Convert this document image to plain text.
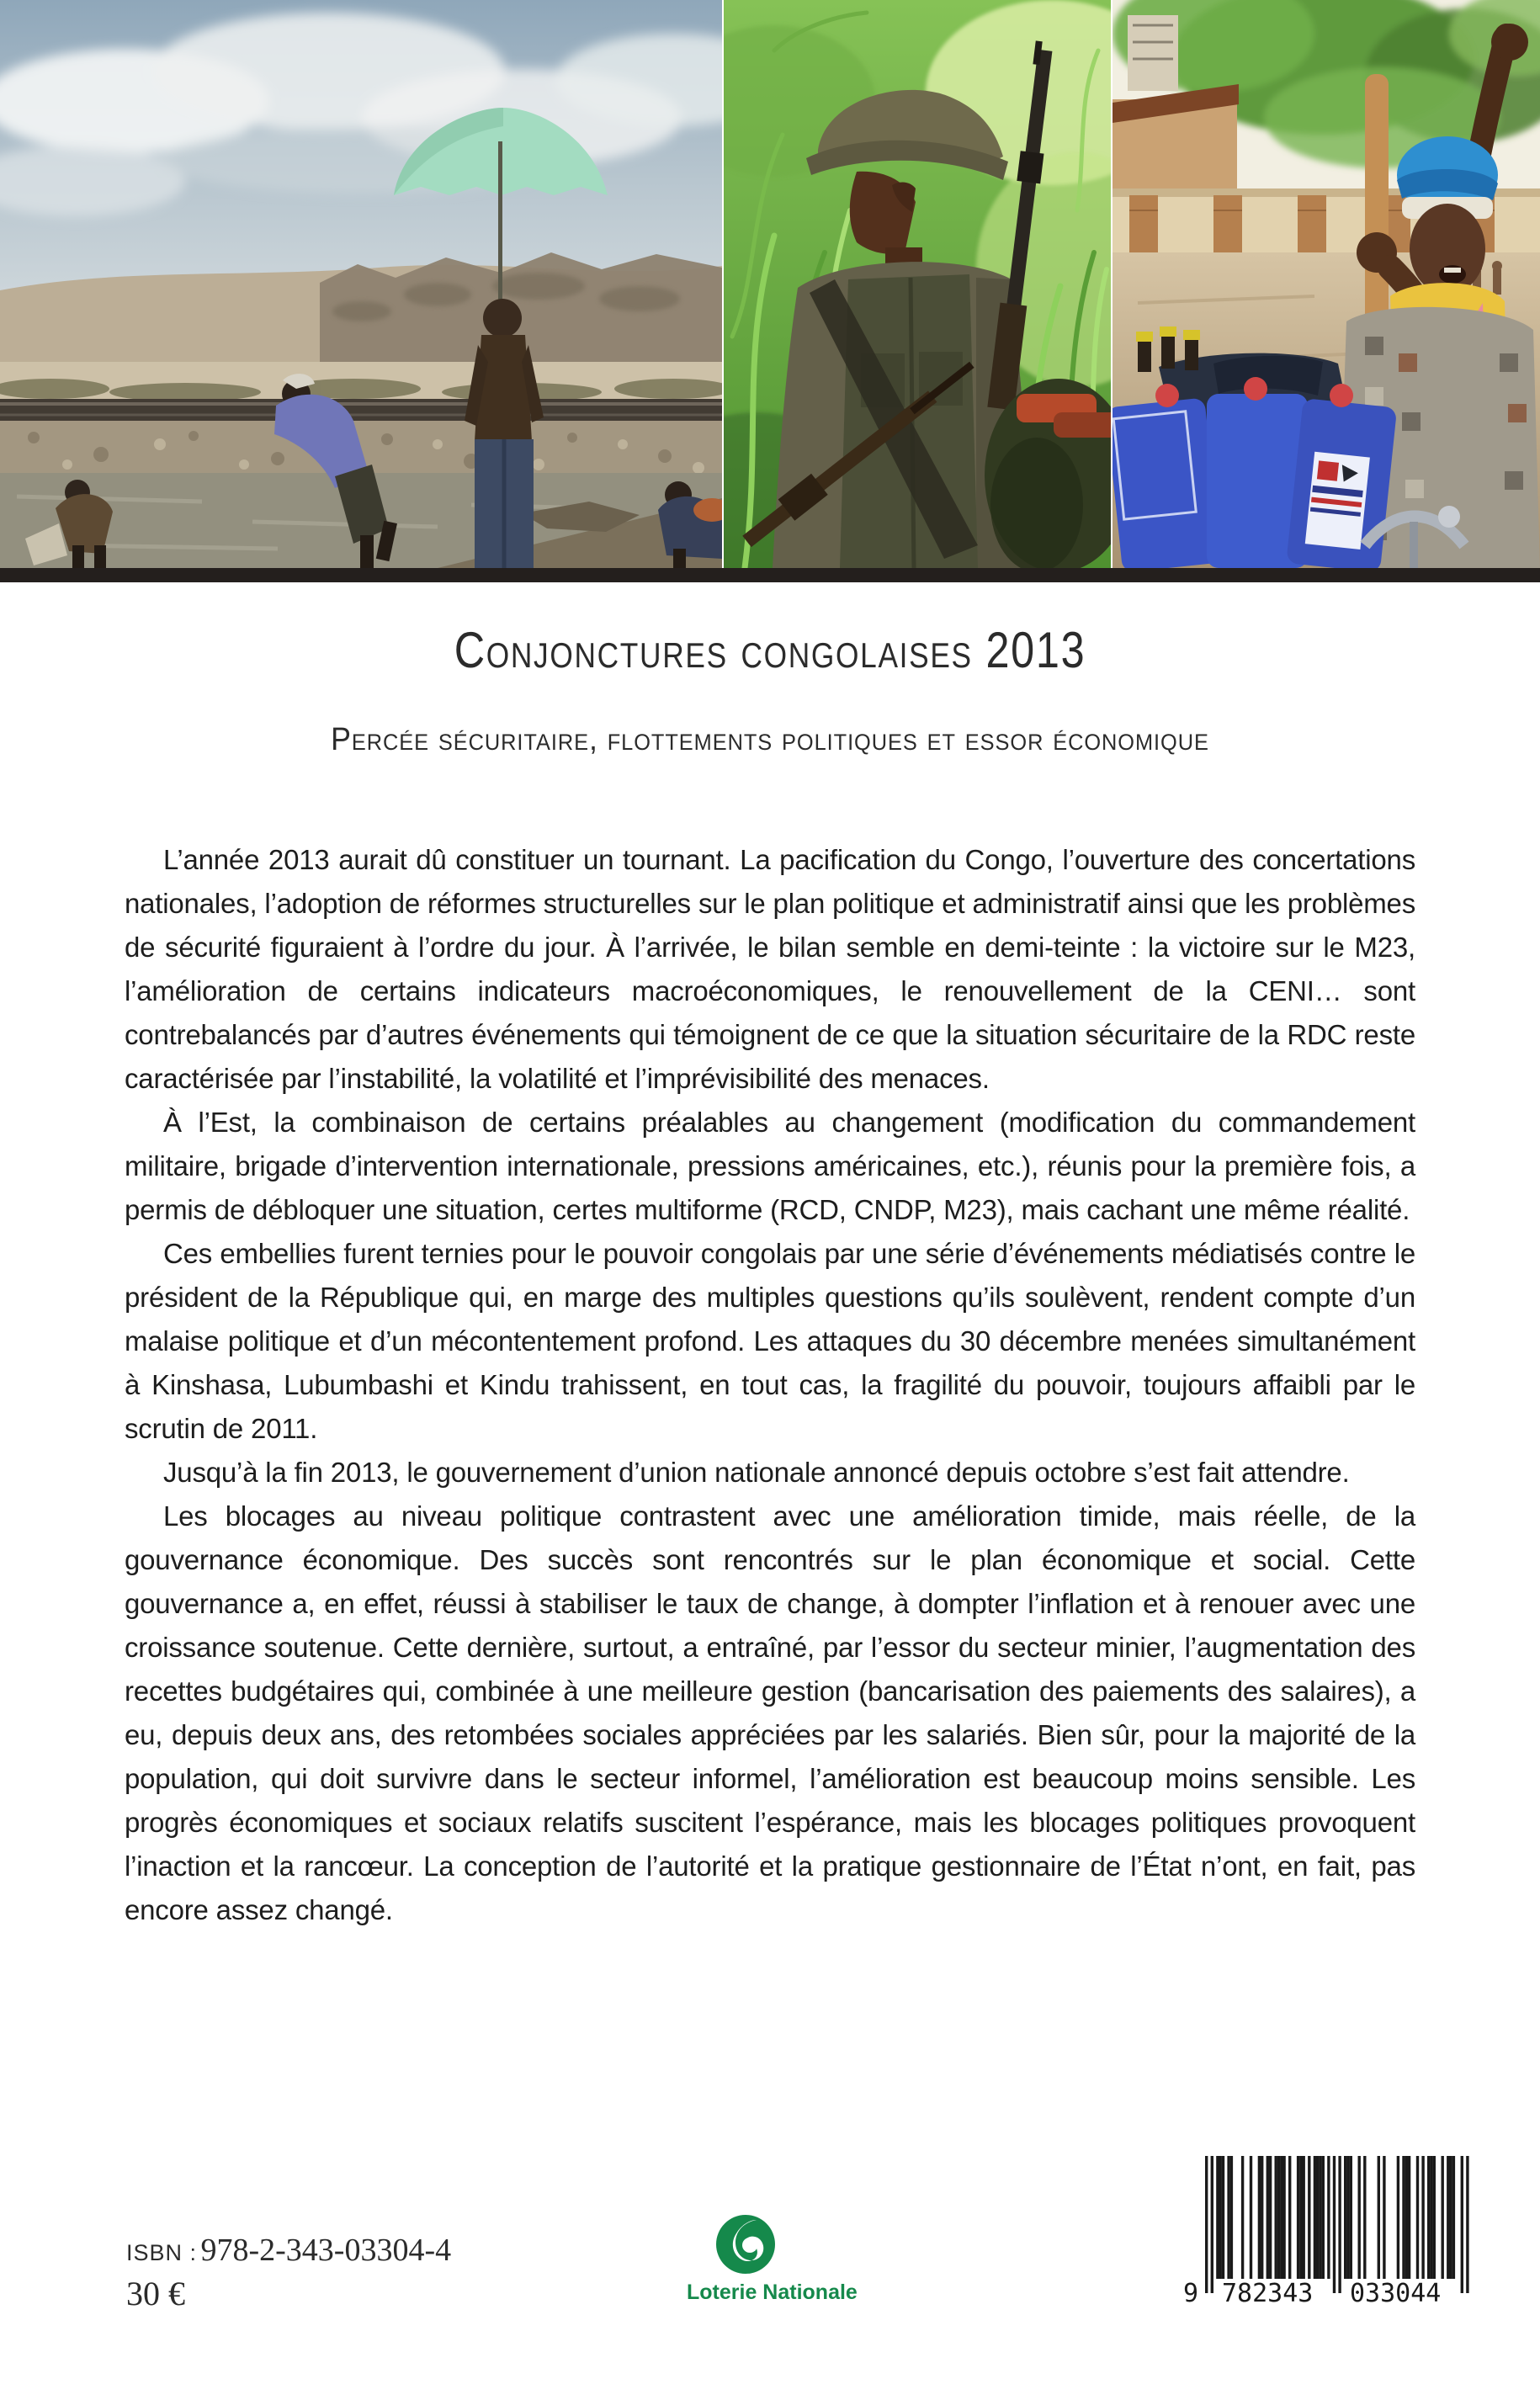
Conjonctures congolaises 2013
Percée sécuritaire, flottements politiques et essor économique

L’année 2013 aurait dû constituer un tournant. La pacification du Congo, l’ouverture des concertations nationales, l’adoption de réformes structurelles sur le plan politique et administratif ainsi que les problèmes de sécurité figuraient à l’ordre du jour. À l’arrivée, le bilan semble en demi-teinte : la victoire sur le M23, l’amélioration de certains indicateurs macroéconomiques, le renouvellement de la CENI… sont contrebalancés par d’autres événements qui témoignent de ce que la situation sécuritaire de la RDC reste caractérisée par l’instabilité, la volatilité et l’imprévisibilité des menaces.

À l’Est, la combinaison de certains préalables au changement (modification du commandement militaire, brigade d’intervention internationale, pressions américaines, etc.), réunis pour la première fois, a permis de débloquer une situation, certes multiforme (RCD, CNDP, M23), mais cachant une même réalité.

Ces embellies furent ternies pour le pouvoir congolais par une série d’événements médiatisés contre le président de la République qui, en marge des multiples questions qu’ils soulèvent, rendent compte d’un malaise politique et d’un mécontentement profond. Les attaques du 30 décembre menées simultanément à Kinshasa, Lubumbashi et Kindu trahissent, en tout cas, la fragilité du pouvoir, toujours affaibli par le scrutin de 2011.

Jusqu’à la fin 2013, le gouvernement d’union nationale annoncé depuis octobre s’est fait attendre.

Les blocages au niveau politique contrastent avec une amélioration timide, mais réelle, de la gouvernance économique. Des succès sont rencontrés sur le plan économique et social. Cette gouvernance a, en effet, réussi à stabiliser le taux de change, à dompter l’inflation et à renouer avec une croissance soutenue. Cette dernière, surtout, a entraîné, par l’essor du secteur minier, l’augmentation des recettes budgétaires qui, combinée à une meilleure gestion (bancarisation des paiements des salaires), a eu, depuis deux ans, des retombées sociales appréciées par les salariés. Bien sûr, pour la majorité de la population, qui doit survivre dans le secteur informel, l’amélioration est beaucoup moins sensible. Les progrès économiques et sociaux relatifs suscitent l’espérance, mais les blocages politiques provoquent l’inaction et la rancœur. La conception de l’autorité et la pratique gestionnaire de l’État n’ont, en fait, pas encore assez changé.

ISBN : 978-2-343-03304-4
30 €	Loterie Nationale	9 782343 033044
